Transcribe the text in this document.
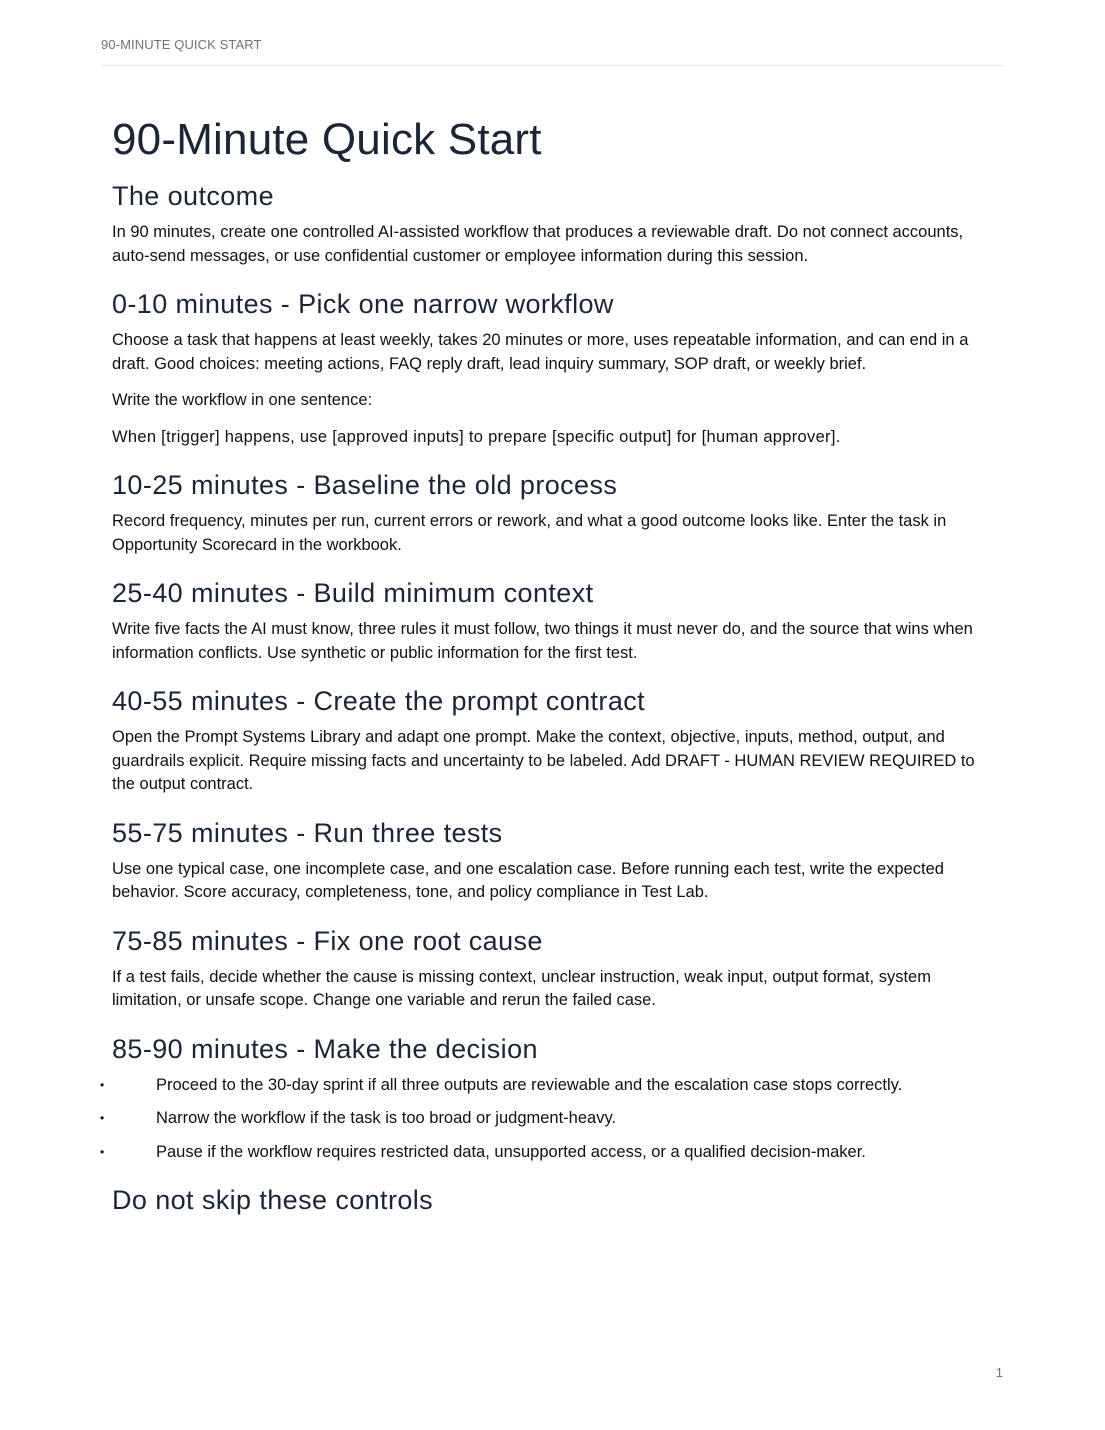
90-MINUTE QUICK START
90-Minute Quick Start
The outcome

In 90 minutes, create one controlled AI-assisted workflow that produces a reviewable draft. Do not connect accounts, auto-send messages, or use confidential customer or employee information during this session.

0-10 minutes - Pick one narrow workflow

Choose a task that happens at least weekly, takes 20 minutes or more, uses repeatable information, and can end in a draft. Good choices: meeting actions, FAQ reply draft, lead inquiry summary, SOP draft, or weekly brief.

Write the workflow in one sentence:

When [trigger] happens, use [approved inputs] to prepare [specific output] for [human approver].

10-25 minutes - Baseline the old process

Record frequency, minutes per run, current errors or rework, and what a good outcome looks like. Enter the task in Opportunity Scorecard in the workbook.

25-40 minutes - Build minimum context

Write five facts the AI must know, three rules it must follow, two things it must never do, and the source that wins when information conflicts. Use synthetic or public information for the first test.

40-55 minutes - Create the prompt contract

Open the Prompt Systems Library and adapt one prompt. Make the context, objective, inputs, method, output, and guardrails explicit. Require missing facts and uncertainty to be labeled. Add DRAFT - HUMAN REVIEW REQUIRED to the output contract.

55-75 minutes - Run three tests

Use one typical case, one incomplete case, and one escalation case. Before running each test, write the expected behavior. Score accuracy, completeness, tone, and policy compliance in Test Lab.

75-85 minutes - Fix one root cause

If a test fails, decide whether the cause is missing context, unclear instruction, weak input, output format, system limitation, or unsafe scope. Change one variable and rerun the failed case.

85-90 minutes - Make the decision
•	Proceed to the 30-day sprint if all three outputs are reviewable and the escalation case stops correctly.
•	Narrow the workflow if the task is too broad or judgment-heavy.
•	Pause if the workflow requires restricted data, unsupported access, or a qualified decision-maker.
Do not skip these controls
1
